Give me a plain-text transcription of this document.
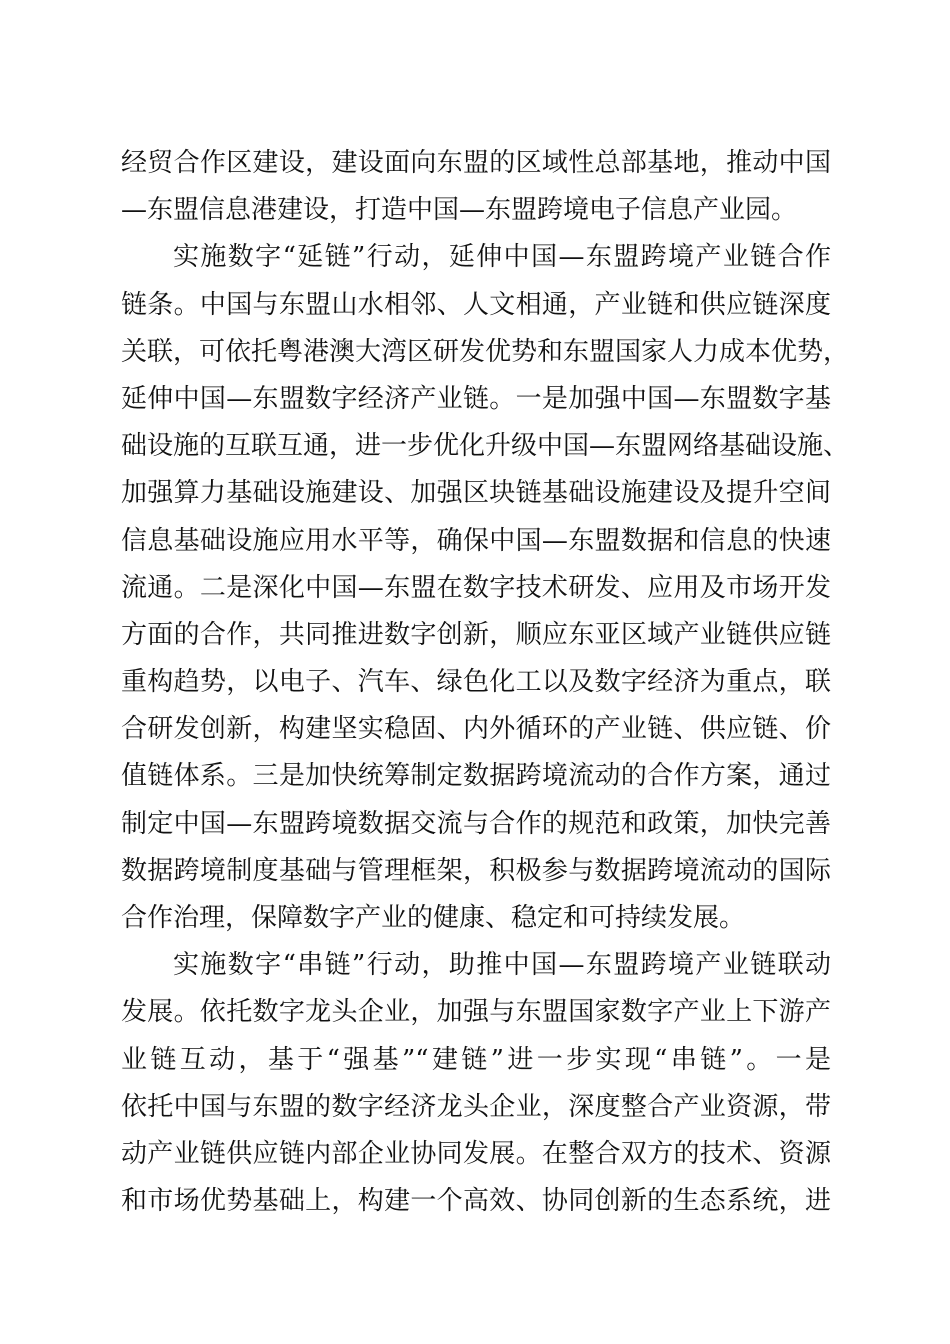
经贸合作区建设，建设面向东盟的区域性总部基地，推动中国
—东盟信息港建设，打造中国—东盟跨境电子信息产业园。
实施数字“延链”行动，延伸中国—东盟跨境产业链合作
链条。中国与东盟山水相邻、人文相通，产业链和供应链深度
关联，可依托粤港澳大湾区研发优势和东盟国家人力成本优势，
延伸中国—东盟数字经济产业链。一是加强中国—东盟数字基
础设施的互联互通，进一步优化升级中国—东盟网络基础设施、
加强算力基础设施建设、加强区块链基础设施建设及提升空间
信息基础设施应用水平等，确保中国—东盟数据和信息的快速
流通。二是深化中国—东盟在数字技术研发、应用及市场开发
方面的合作，共同推进数字创新，顺应东亚区域产业链供应链
重构趋势，以电子、汽车、绿色化工以及数字经济为重点，联
合研发创新，构建坚实稳固、内外循环的产业链、供应链、价
值链体系。三是加快统筹制定数据跨境流动的合作方案，通过
制定中国—东盟跨境数据交流与合作的规范和政策，加快完善
数据跨境制度基础与管理框架，积极参与数据跨境流动的国际
合作治理，保障数字产业的健康、稳定和可持续发展。
实施数字“串链”行动，助推中国—东盟跨境产业链联动
发展。依托数字龙头企业，加强与东盟国家数字产业上下游产
业链互动，基于“强基”“建链”进一步实现“串链”。一是
依托中国与东盟的数字经济龙头企业，深度整合产业资源，带
动产业链供应链内部企业协同发展。在整合双方的技术、资源
和市场优势基础上，构建一个高效、协同创新的生态系统，进
